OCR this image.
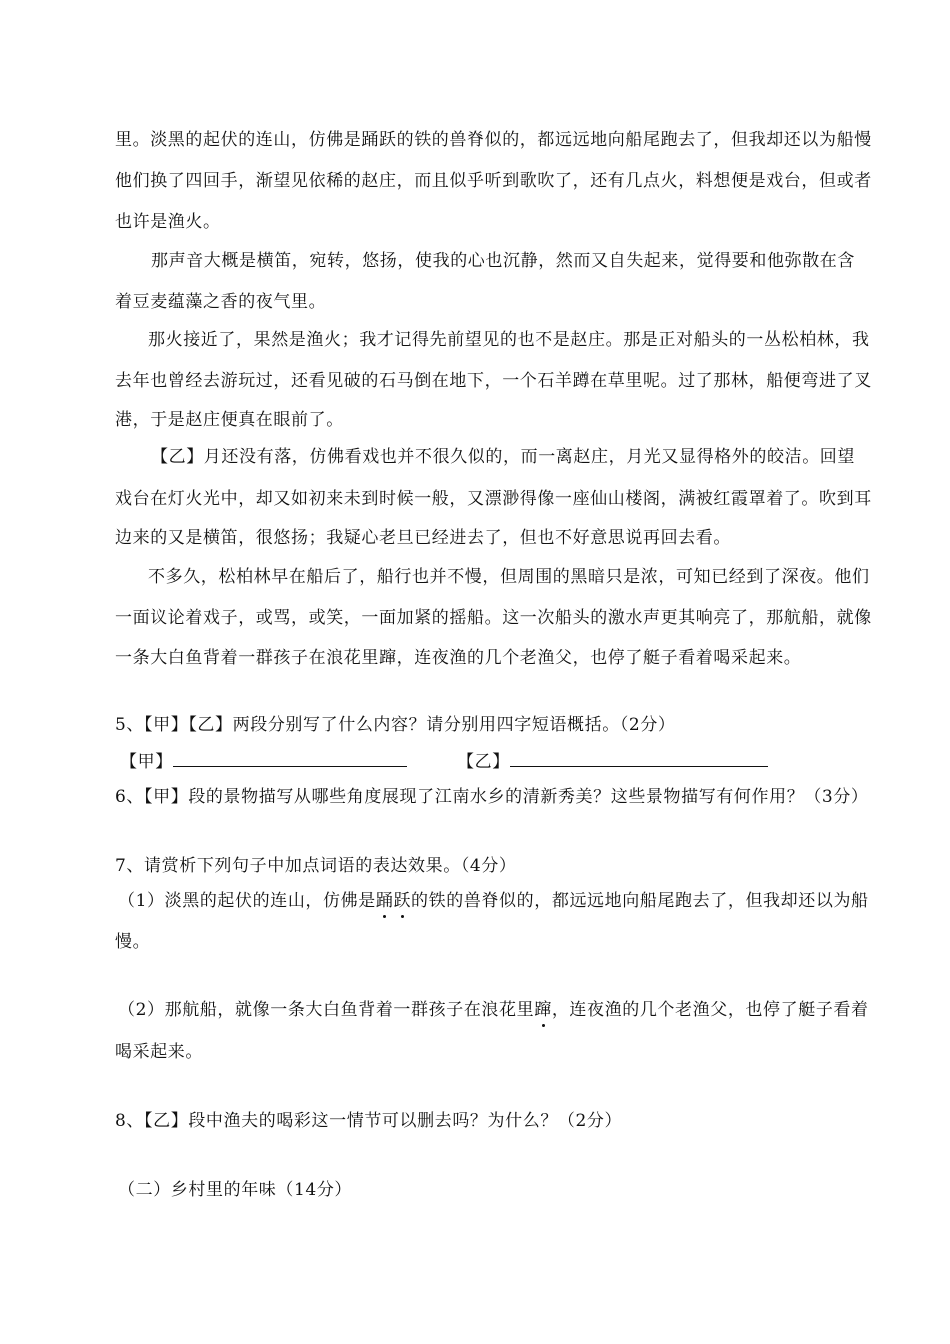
里。淡黑的起伏的连山，仿佛是踊跃的铁的兽脊似的，都远远地向船尾跑去了，但我却还以为船慢
他们换了四回手，渐望见依稀的赵庄，而且似乎听到歌吹了，还有几点火，料想便是戏台，但或者
也许是渔火。
那声音大概是横笛，宛转，悠扬，使我的心也沉静，然而又自失起来，觉得要和他弥散在含
着豆麦蕴藻之香的夜气里。
那火接近了，果然是渔火；我才记得先前望见的也不是赵庄。那是正对船头的一丛松柏林，我
去年也曾经去游玩过，还看见破的石马倒在地下，一个石羊蹲在草里呢。过了那林，船便弯进了叉
港，于是赵庄便真在眼前了。
【乙】月还没有落，仿佛看戏也并不很久似的，而一离赵庄，月光又显得格外的皎洁。回望
戏台在灯火光中，却又如初来未到时候一般，又漂渺得像一座仙山楼阁，满被红霞罩着了。吹到耳
边来的又是横笛，很悠扬；我疑心老旦已经进去了，但也不好意思说再回去看。
不多久，松柏林早在船后了，船行也并不慢，但周围的黑暗只是浓，可知已经到了深夜。他们
一面议论着戏子，或骂，或笑，一面加紧的摇船。这一次船头的激水声更其响亮了，那航船，就像
一条大白鱼背着一群孩子在浪花里蹿，连夜渔的几个老渔父，也停了艇子看着喝采起来。
5、【甲】【乙】两段分别写了什么内容？请分别用四字短语概括。（2分）
【甲】	【乙】
6、【甲】段的景物描写从哪些角度展现了江南水乡的清新秀美？这些景物描写有何作用？（3分）
7、请赏析下列句子中加点词语的表达效果。（4分）
（1）淡黑的起伏的连山，仿佛是踊跃的铁的兽脊似的，都远远地向船尾跑去了，但我却还以为船
慢。
（2）那航船，就像一条大白鱼背着一群孩子在浪花里蹿，连夜渔的几个老渔父，也停了艇子看着
喝采起来。
8、【乙】段中渔夫的喝彩这一情节可以删去吗？为什么？（2分）
（二）乡村里的年味（14分）
